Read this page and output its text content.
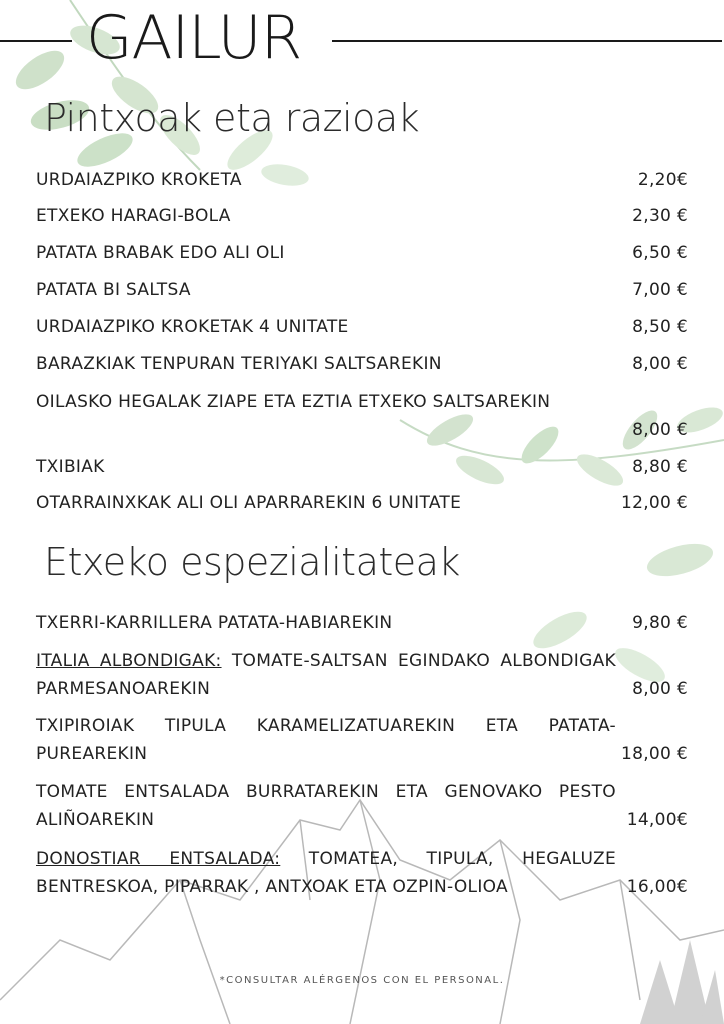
GAILUR
Pintxoak eta razioak
URDAIAZPIKO KROKETA	2,20€
ETXEKO HARAGI-BOLA	2,30 €
PATATA BRABAK EDO ALI OLI	6,50 €
PATATA BI SALTSA	7,00 €
URDAIAZPIKO KROKETAK 4 UNITATE	8,50 €
BARAZKIAK TENPURAN TERIYAKI SALTSAREKIN	8,00 €
OILASKO HEGALAK ZIAPE ETA EZTIA ETXEKO SALTSAREKIN
8,00 €
TXIBIAK	8,80 €
OTARRAINXKAK ALI OLI APARRAREKIN 6 UNITATE	12,00 €
Etxeko espezialitateak
TXERRI-KARRILLERA PATATA-HABIAREKIN	9,80 €
ITALIA ALBONDIGAK: TOMATE-SALTSAN EGINDAKO ALBONDIGAK PARMESANOAREKIN	8,00 €
TXIPIROIAK TIPULA KARAMELIZATUAREKIN ETA PATATA-PUREAREKIN	18,00 €
TOMATE ENTSALADA BURRATAREKIN ETA GENOVAKO PESTO ALIÑOAREKIN	14,00€
DONOSTIAR ENTSALADA: TOMATEA, TIPULA, HEGALUZE BENTRESKOA, PIPARRAK , ANTXOAK ETA OZPIN-OLIOA	16,00€
*CONSULTAR ALÉRGENOS CON EL PERSONAL.
